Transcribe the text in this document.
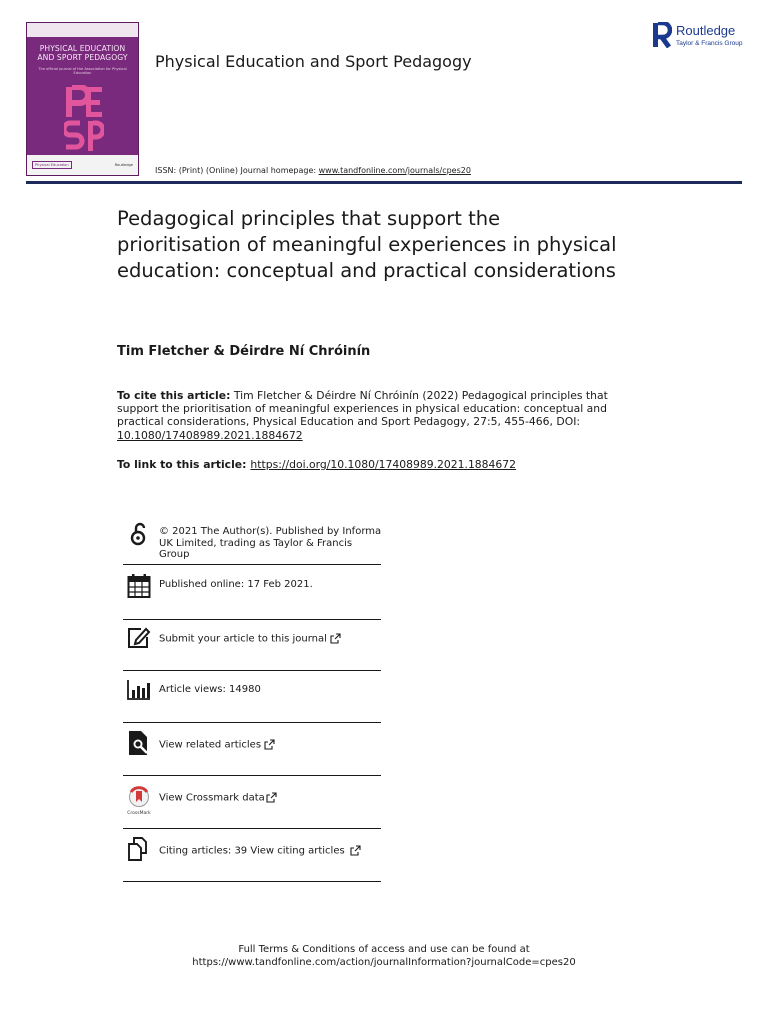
PHYSICAL EDUCATION
AND SPORT PEDAGOGY
The official journal of the Association for Physical Education
Physical Education	Routledge
Physical Education and Sport Pedagogy
ISSN: (Print) (Online) Journal homepage: www.tandfonline.com/journals/cpes20
Routledge
Taylor & Francis Group
Pedagogical principles that support the prioritisation of meaningful experiences in physical education: conceptual and practical considerations
Tim Fletcher & Déirdre Ní Chróinín
To cite this article: Tim Fletcher & Déirdre Ní Chróinín (2022) Pedagogical principles that support the prioritisation of meaningful experiences in physical education: conceptual and practical considerations, Physical Education and Sport Pedagogy, 27:5, 455-466, DOI: 10.1080/17408989.2021.1884672
To link to this article: https://doi.org/10.1080/17408989.2021.1884672
© 2021 The Author(s). Published by Informa UK Limited, trading as Taylor & Francis Group
Published online: 17 Feb 2021.
Submit your article to this journal
Article views: 14980
View related articles
CrossMark
View Crossmark data
Citing articles: 39 View citing articles
Full Terms & Conditions of access and use can be found at
https://www.tandfonline.com/action/journalInformation?journalCode=cpes20
